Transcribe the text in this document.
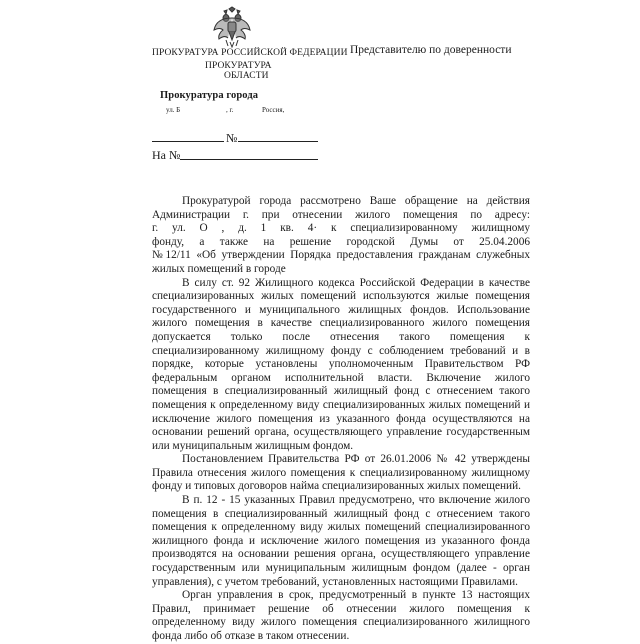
ПРОКУРАТУРА РОССИЙСКОЙ ФЕДЕРАЦИИ
ПРОКУРАТУРА
ОБЛАСТИ
Прокуратура города
ул. Б	, г.	Россия,
Представителю по доверенности
№
На №
Прокуратурой города рассмотрено Ваше обращение на действия
Администрации г. при отнесении жилого помещения по адресу:
г. ул. О , д. 1 кв. 4· к специализированному жилищному
фонду, а также на решение городской Думы от 25.04.2006
№12/11 «Об утверждении Порядка предоставления гражданам служебных
жилых помещений в городе
В силу ст. 92 Жилищного кодекса Российской Федерации в качестве
специализированных жилых помещений используются жилые помещения
государственного и муниципального жилищных фондов. Использование
жилого помещения в качестве специализированного жилого помещения
допускается только после отнесения такого помещения к
специализированному жилищному фонду с соблюдением требований и в
порядке, которые установлены уполномоченным Правительством РФ
федеральным органом исполнительной власти. Включение жилого
помещения в специализированный жилищный фонд с отнесением такого
помещения к определенному виду специализированных жилых помещений и
исключение жилого помещения из указанного фонда осуществляются на
основании решений органа, осуществляющего управление государственным
или муниципальным жилищным фондом.
Постановлением Правительства РФ от 26.01.2006 № 42 утверждены
Правила отнесения жилого помещения к специализированному жилищному
фонду и типовых договоров найма специализированных жилых помещений.
В п. 12 - 15 указанных Правил предусмотрено, что включение жилого
помещения в специализированный жилищный фонд с отнесением такого
помещения к определенному виду жилых помещений специализированного
жилищного фонда и исключение жилого помещения из указанного фонда
производятся на основании решения органа, осуществляющего управление
государственным или муниципальным жилищным фондом (далее - орган
управления), с учетом требований, установленных настоящими Правилами.
Орган управления в срок, предусмотренный в пункте 13 настоящих
Правил, принимает решение об отнесении жилого помещения к
определенному виду жилого помещения специализированного жилищного
фонда либо об отказе в таком отнесении.
